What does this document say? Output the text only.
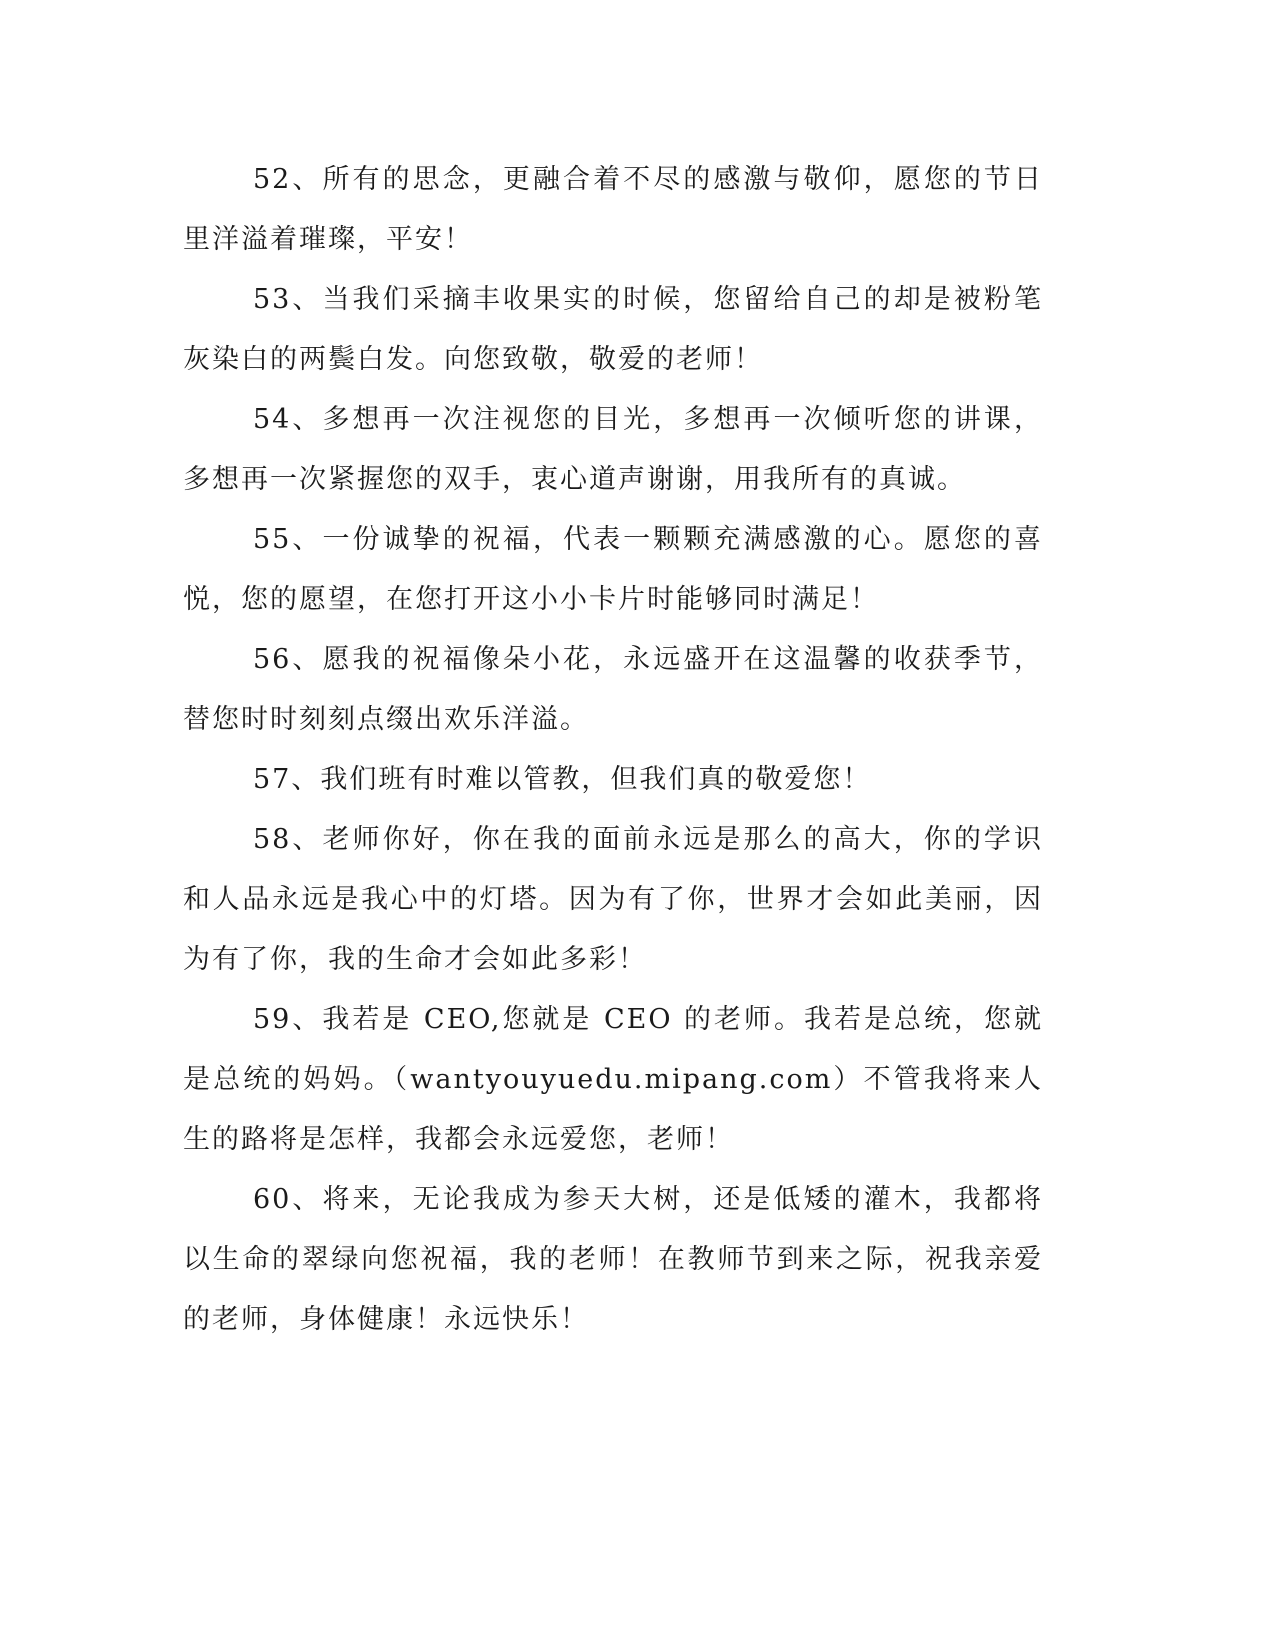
52、所有的思念，更融合着不尽的感激与敬仰，愿您的节日里洋溢着璀璨，平安！

53、当我们采摘丰收果实的时候，您留给自己的却是被粉笔灰染白的两鬓白发。向您致敬，敬爱的老师！

54、多想再一次注视您的目光，多想再一次倾听您的讲课，多想再一次紧握您的双手，衷心道声谢谢，用我所有的真诚。

55、一份诚挚的祝福，代表一颗颗充满感激的心。愿您的喜悦，您的愿望，在您打开这小小卡片时能够同时满足！

56、愿我的祝福像朵小花，永远盛开在这温馨的收获季节，替您时时刻刻点缀出欢乐洋溢。

57、我们班有时难以管教，但我们真的敬爱您！

58、老师你好，你在我的面前永远是那么的高大，你的学识和人品永远是我心中的灯塔。因为有了你，世界才会如此美丽，因为有了你，我的生命才会如此多彩！

59、我若是 CEO,您就是 CEO 的老师。我若是总统，您就是总统的妈妈。（wantyouyuedu.mipang.com）不管我将来人生的路将是怎样，我都会永远爱您，老师！

60、将来，无论我成为参天大树，还是低矮的灌木，我都将以生命的翠绿向您祝福，我的老师！在教师节到来之际，祝我亲爱的老师，身体健康！永远快乐！
